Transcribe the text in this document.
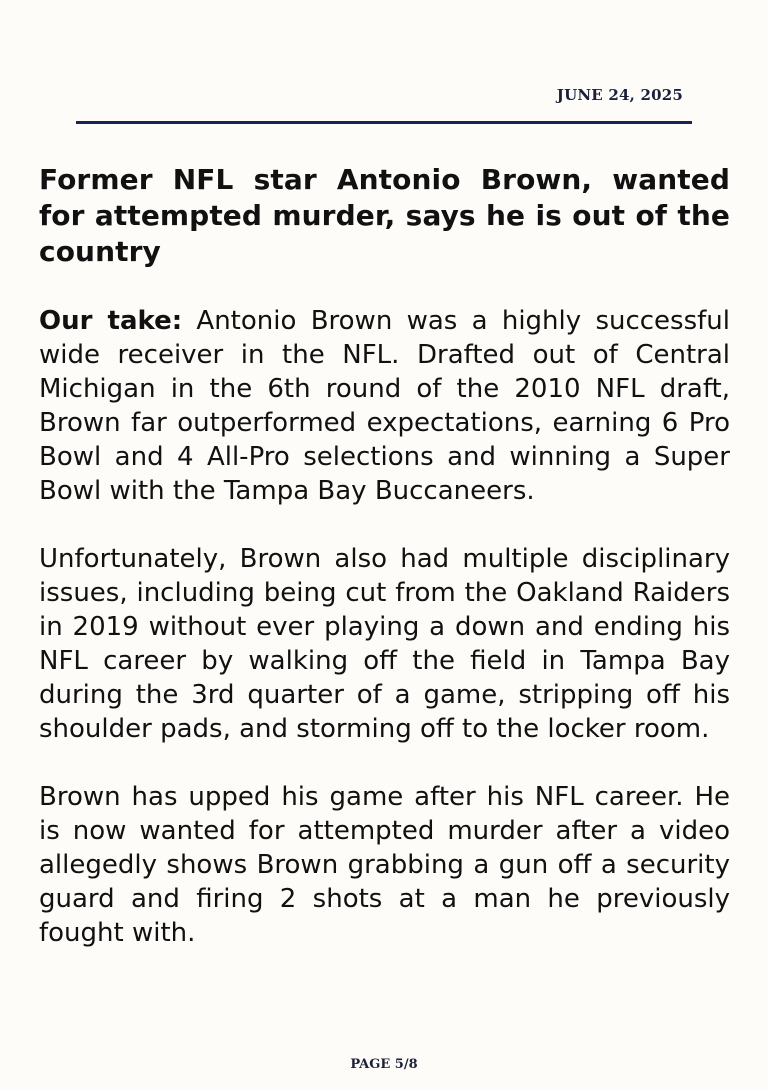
JUNE 24, 2025
Former NFL star Antonio Brown, wanted for attempted murder, says he is out of the country

Our take: Antonio Brown was a highly successful wide receiver in the NFL. Drafted out of Central Michigan in the 6th round of the 2010 NFL draft, Brown far outperformed expectations, earning 6 Pro Bowl and 4 All-Pro selections and winning a Super Bowl with the Tampa Bay Buccaneers.

Unfortunately, Brown also had multiple disciplinary issues, including being cut from the Oakland Raiders in 2019 without ever playing a down and ending his NFL career by walking off the field in Tampa Bay during the 3rd quarter of a game, stripping off his shoulder pads, and storming off to the locker room.

Brown has upped his game after his NFL career. He is now wanted for attempted murder after a video allegedly shows Brown grabbing a gun off a security guard and firing 2 shots at a man he previously fought with.

PAGE 5/8
